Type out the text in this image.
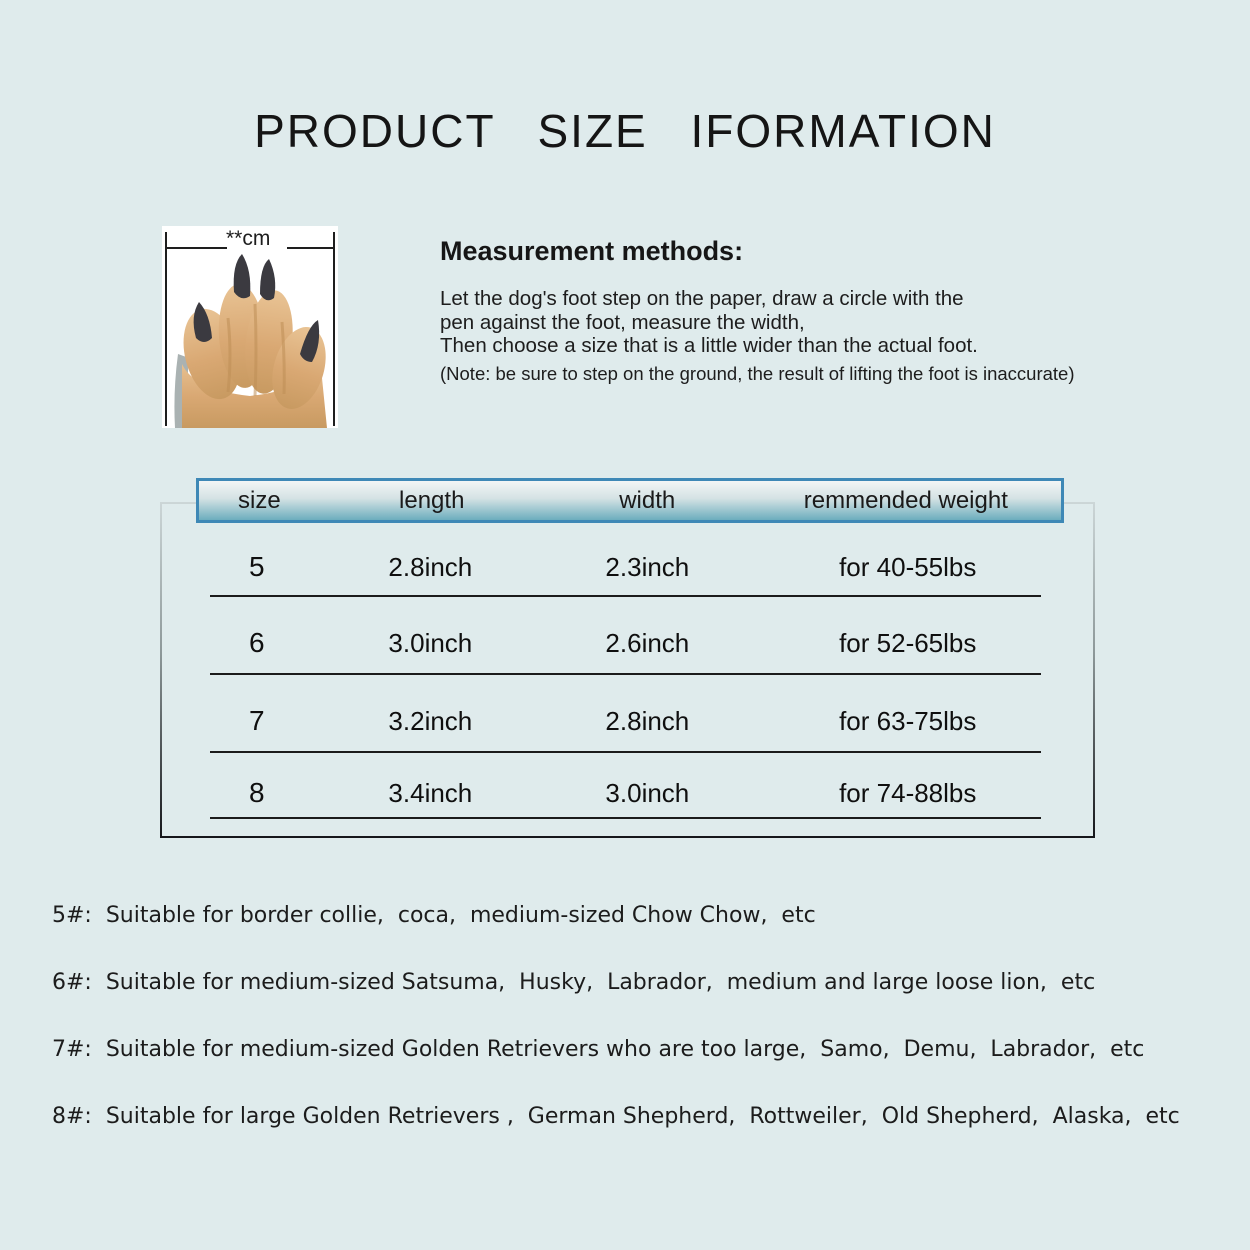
PRODUCT SIZE IFORMATION
**cm	Measurement methods:
Let the dog's foot step on the paper, draw a circle with the
pen against the foot, measure the width,
Then choose a size that is a little wider than the actual foot.
(Note: be sure to step on the ground, the result of lifting the foot is inaccurate)
size	length	width	remmended weight
5	2.8inch	2.3inch	for 40-55lbs
6	3.0inch	2.6inch	for 52-65lbs
7	3.2inch	2.8inch	for 63-75lbs
8	3.4inch	3.0inch	for 74-88lbs
5#: Suitable for border collie,  coca,  medium-sized Chow Chow,  etc
6#: Suitable for medium-sized Satsuma,  Husky,  Labrador,  medium and large loose lion,  etc
7#: Suitable for medium-sized Golden Retrievers who are too large,  Samo,  Demu,  Labrador,  etc
8#: Suitable for large Golden Retrievers ,  German Shepherd,  Rottweiler,  Old Shepherd,  Alaska,  etc
